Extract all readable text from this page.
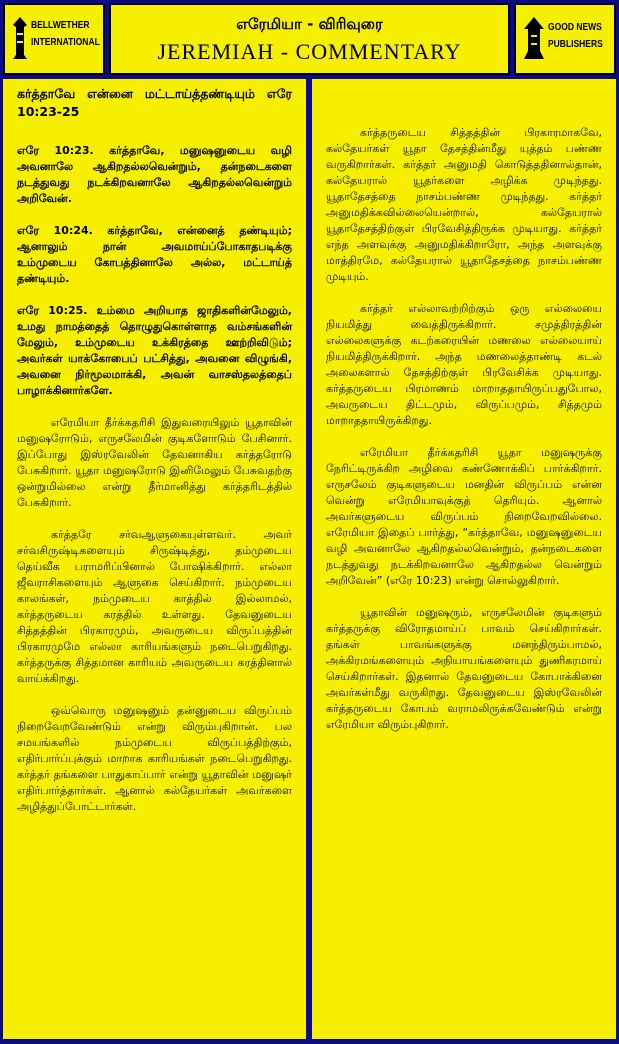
BELLWETHER
INTERNATIONAL
எரேமியா - விரிவுரை
JEREMIAH - COMMENTARY
GOOD NEWS
PUBLISHERS
கர்த்தாவே என்னை மட்டாய்த்தண்டியும் எரே 10:23-25
எரே 10:23. கர்த்தாவே, மனுஷனுடைய வழி அவனாலே ஆகிறதல்லவென்றும், தன்நடைகளை நடத்துவது நடக்கிறவனாலே ஆகிறதல்லவென்றும் அறிவேன்.
எரே 10:24. கர்த்தாவே, என்னைத் தண்டியும்; ஆனாலும் நான் அவமாய்ப்போகாதபடிக்கு உம்முடைய கோபத்தினாலே அல்ல, மட்டாய்த் தண்டியும்.
எரே 10:25. உம்மை அறியாத ஜாதிகளின்மேலும், உமது நாமத்தைத் தொழுதுகொள்ளாத வம்சங்களின் மேலும், உம்முடைய உக்கிரத்தை ஊற்றிவிடும்; அவர்கள் யாக்கோபைப் பட்சித்து, அவனை விழுங்கி, அவனை நிர்மூலமாக்கி, அவன் வாசஸ்தலத்தைப் பாழாக்கினார்களே.
எரேமியா தீர்க்கதரிசி இதுவரையிலும் யூதாவின் மனுஷரோடும், எருசலேமின் குடிகளோடும் பேசினார். இப்போது இஸ்ரவேலின் தேவனாகிய கர்த்தரோடு பேசுகிறார். யூதா மனுஷரோடு இனிமேலும் பேசுவதற்கு ஒன்றுமில்லை என்று தீர்மானித்து கர்த்தரிடத்தில் பேசுகிறார்.
கர்த்தரே சர்வஆளுகையுள்ளவர். அவர் சர்வசிருஷ்டிகளையும் சிருஷ்டித்து, தம்முடைய தெய்வீக பராமரிப்பினால் போஷிக்கிறார். எல்லா ஜீவராசிகளையும் ஆளுகை செய்கிறார். நம்முடைய காலங்கள், நம்முடைய காத்தில் இல்லாமல், கர்த்தருடைய கரத்தில் உள்ளது. தேவனுடைய சித்தத்தின் பிரகாரமும், அவருடைய விருப்பத்தின் பிரகாரமுமே எல்லா காரியங்களும் நடைபெறுகிறது. கர்த்தருக்கு சித்தமான காரியம் அவருடைய கரத்தினால் வாய்க்கிறது.
ஒவ்வொரு மனுஷனும் தன்னுடைய விருப்பம் நிறைவேறவேண்டும் என்று விரும்புகிறான். பல சமயங்களில் நம்முடைய விருப்பத்திற்கும், எதிர்பார்ப்புக்கும் மாறாக காரியங்கள் நடைபெறுகிறது. கர்த்தர் தங்களை பாதுகாப்பார் என்று யூதாவின் மனுஷர் எதிர்பார்த்தார்கள். ஆனால் கல்தேயர்கள் அவர்களை அழித்துப்போட்டார்கள்.
கர்த்தருடைய சித்தத்தின் பிரகாரமாகவே, கல்தேயர்கள் யூதா தேசத்தின்மீது யுத்தம் பண்ண வருகிறார்கள். கர்த்தர் அனுமதி கொடுத்ததினால்தான், கல்தேயரால் யூதர்களை அழிக்க முடிந்தது. யூதாதேசத்தை நாசம்பண்ண முடிந்தது. கர்த்தர் அனுமதிக்கவில்லையென்றால், கல்தேயரால் யூதாதேசத்திற்குள் பிரவேசித்திருக்க முடியாது. கர்த்தர் எந்த அளவுக்கு அனுமதிக்கிறாரோ, அந்த அளவுக்கு மாத்திரமே, கல்தேயரால் யூதாதேசத்தை நாசம்பண்ண முடியும்.
கர்த்தர் எல்லாவற்றிற்கும் ஒரு எல்லையை நியமித்து வைத்திருக்கிறார். சமுத்திரத்தின் எல்லைகளுக்கு கடற்கரையின் மணலை எல்லையாய் நியமித்திருக்கிறார். அந்த மணலைத்தாண்டி கடல் அலைகளால் தேசத்திற்குள் பிரவேசிக்க முடியாது. கர்த்தருடைய பிரமாணம் மாறாததாயிருப்பதுபோல, அவருடைய திட்டமும், விருப்பமும், சித்தமும் மாறாததாயிருக்கிறது.
எரேமியா தீர்க்கதரிசி யூதா மனுஷருக்கு நேரிட்டிருக்கிற அழிவை கண்ணோக்கிப் பார்க்கிறார். எருசலேம் குடிகளுடைய மனதின் விருப்பம் என்ன வென்று எரேமியாவுக்குத் தெரியும். ஆனால் அவர்களுடைய விருப்பம் நிறைவேறவில்லை. எரேமியா இதைப் பார்த்து, “கர்த்தாவே, மனுஷனுடைய வழி அவனாலே ஆகிறதல்லவென்றும், தன்நடைகளை நடத்துவது நடக்கிறவனாலே ஆகிறதல்ல வென்றும் அறிவேன்” (எரே 10:23) என்று சொல்லுகிறார்.
யூதாவின் மனுஷரும், எருசலேமின் குடிகளும் கர்த்தருக்கு விரோதமாய்ப் பாவம் செய்கிறார்கள். தங்கள் பாவங்களுக்கு மனந்திரும்பாமல், அக்கிரமங்களையும் அநியாயங்களையும் துணிகரமாய் செய்கிறார்கள். இதனால் தேவனுடைய கோபாக்கினை அவர்கள்மீது வருகிறது. தேவனுடைய இஸ்ரவேலின் கர்த்தருடைய கோபம் வராமலிருக்கவேண்டும் என்று எரேமியா விரும்புகிறார்.
